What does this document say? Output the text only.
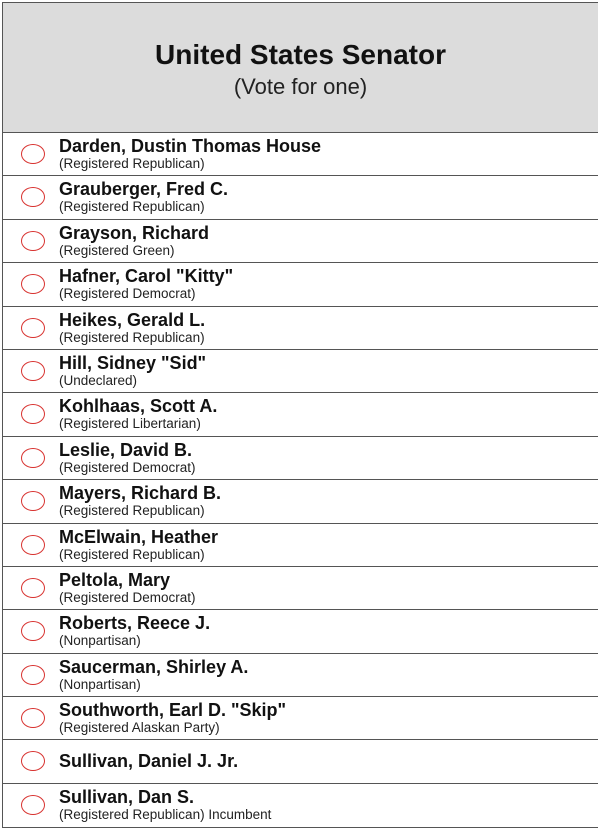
United States Senator
(Vote for one)
Darden, Dustin Thomas House
(Registered Republican)
Grauberger, Fred C.
(Registered Republican)
Grayson, Richard
(Registered Green)
Hafner, Carol "Kitty"
(Registered Democrat)
Heikes, Gerald L.
(Registered Republican)
Hill, Sidney "Sid"
(Undeclared)
Kohlhaas, Scott A.
(Registered Libertarian)
Leslie, David B.
(Registered Democrat)
Mayers, Richard B.
(Registered Republican)
McElwain, Heather
(Registered Republican)
Peltola, Mary
(Registered Democrat)
Roberts, Reece J.
(Nonpartisan)
Saucerman, Shirley A.
(Nonpartisan)
Southworth, Earl D. "Skip"
(Registered Alaskan Party)
Sullivan, Daniel J. Jr.
Sullivan, Dan S.
(Registered Republican) Incumbent
